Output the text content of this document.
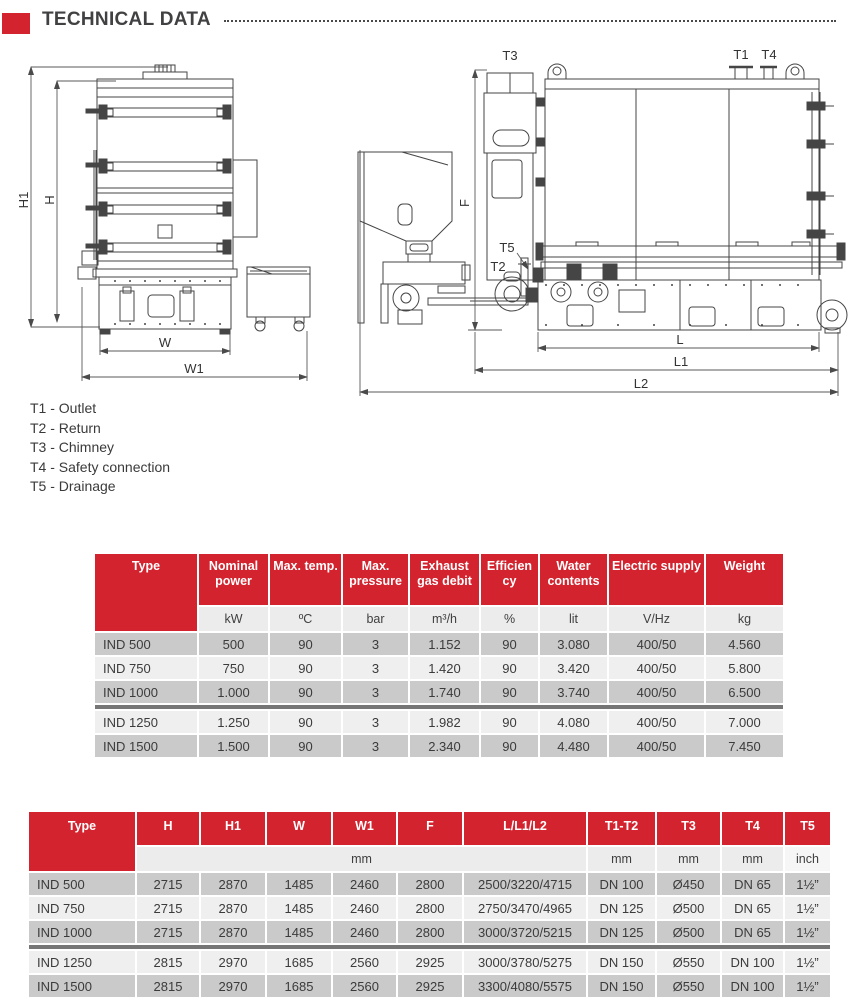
TECHNICAL DATA
H1 H
W
W1
T3	T1 T4
F
T5
T2
L
L1
L2
T1 - Outlet
T2 - Return
T3 - Chimney
T4 - Safety connection
T5 - Drainage
Type	Nominal power	Max. temp.	Max. pressure	Exhaust gas debit	Efficiency	Water contents	Electric supply	Weight
	kW	ºC	bar	m³/h	%	lit	V/Hz	kg
IND 500	500	90	3	1.152	90	3.080	400/50	4.560
IND 750	750	90	3	1.420	90	3.420	400/50	5.800
IND 1000	1.000	90	3	1.740	90	3.740	400/50	6.500

IND 1250	1.250	90	3	1.982	90	4.080	400/50	7.000
IND 1500	1.500	90	3	2.340	90	4.480	400/50	7.450
Type	H	H1	W	W1	F	L/L1/L2	T1-T2	T3	T4	T5
	mm						mm	mm	mm	inch
IND 500	2715	2870	1485	2460	2800	2500/3220/4715	DN 100	Ø450	DN 65	1½”
IND 750	2715	2870	1485	2460	2800	2750/3470/4965	DN 125	Ø500	DN 65	1½”
IND 1000	2715	2870	1485	2460	2800	3000/3720/5215	DN 125	Ø500	DN 65	1½”

IND 1250	2815	2970	1685	2560	2925	3000/3780/5275	DN 150	Ø550	DN 100	1½”
IND 1500	2815	2970	1685	2560	2925	3300/4080/5575	DN 150	Ø550	DN 100	1½”
